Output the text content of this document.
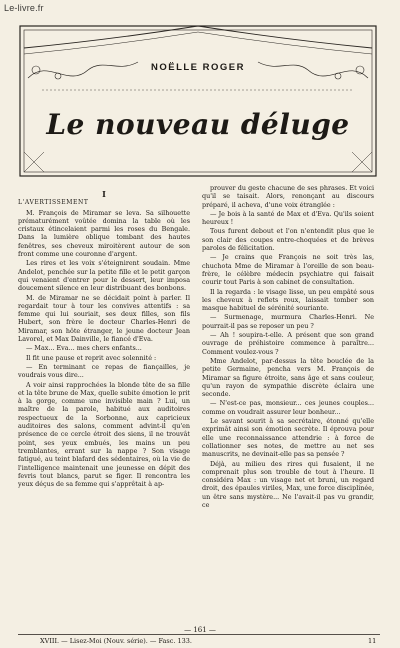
Le-livre.fr
NOËLLE ROGER
Le nouveau déluge

I

L'AVERTISSEMENT

M. François de Miramar se leva. Sa silhouette prématurément voûtée domina la table où les cristaux étincelaient parmi les roses du Bengale. Dans la lumière oblique tombant des hautes fenêtres, ses cheveux miroitèrent autour de son front comme une couronne d'argent.

Les rires et les voix s'éteignirent soudain. Mme Andelot, penchée sur la petite fille et le petit garçon qui venaient d'entrer pour le dessert, leur imposa doucement silence en leur distribuant des bonbons.

M. de Miramar ne se décidait point à parler. Il regardait tour à tour les convives attentifs : sa femme qui lui souriait, ses deux filles, son fils Hubert, son frère le docteur Charles-Henri de Miramar, son hôte étranger, le jeune docteur Jean Lavorel, et Max Dainville, le fiancé d'Eva.

— Max... Eva... mes chers enfants...

Il fit une pause et reprit avec solennité :

— En terminant ce repas de fiançailles, je voudrais vous dire...

A voir ainsi rapprochées la blonde tête de sa fille et la tête brune de Max, quelle subite émotion le prit à la gorge, comme une invisible main ? Lui, un maître de la parole, habitué aux auditoires respectueux de la Sorbonne, aux capricieux auditoires des salons, comment advint-il qu'en présence de ce cercle étroit des siens, il ne trouvât point, ses yeux embués, les mains un peu tremblantes, errant sur la nappe ? Son visage fatigué, au teint blafard des sédentaires, où la vie de l'intelligence maintenait une jeunesse en dépit des fevris tout blancs, parut se figer. Il rencontra les yeux déçus de sa femme qui s'apprêtait à ap-

prouver du geste chacune de ses phrases. Et voici qu'il se taisait. Alors, renonçant au discours préparé, il acheva, d'une voix étranglée :

— Je bois à la santé de Max et d'Eva. Qu'ils soient heureux !

Tous furent debout et l'on n'entendit plus que le son clair des coupes entre-choquées et de brèves paroles de félicitation.

— Je crains que François ne soit très las, chuchota Mme de Miramar à l'oreille de son beau-frère, le célèbre médecin psychiatre qui faisait courir tout Paris à son cabinet de consultation.

Il la regarda : le visage lisse, un peu empâté sous les cheveux à reflets roux, laissait tomber son masque habituel de sérénité souriante.

— Surmenage, murmura Charles-Henri. Ne pourrait-il pas se reposer un peu ?

— Ah ! soupira-t-elle. A présent que son grand ouvrage de préhistoire commence à paraître... Comment voulez-vous ?

Mme Andelot, par-dessus la tête bouclée de la petite Germaine, pencha vers M. François de Miramar sa figure étroite, sans âge et sans couleur, qu'un rayon de sympathie discrète éclaira une seconde.

— N'est-ce pas, monsieur... ces jeunes couples... comme on voudrait assurer leur bonheur...

Le savant sourit à sa secrétaire, étonné qu'elle exprimât ainsi son émotion secrète. Il éprouva pour elle une reconnaissance attendrie : à force de collationner ses notes, de mettre au net ses manuscrits, ne devinait-elle pas sa pensée ?

Déjà, au milieu des rires qui fusaient, il ne comprenait plus son trouble de tout à l'heure. Il considéra Max : un visage net et bruni, un regard droit, des épaules viriles, Max, une force disciplinée, un être sans mystère... Ne l'avait-il pas vu grandir, ce

— 161 —
XVIII. — Lisez-Moi (Nouv. série). — Fasc. 133.	11
